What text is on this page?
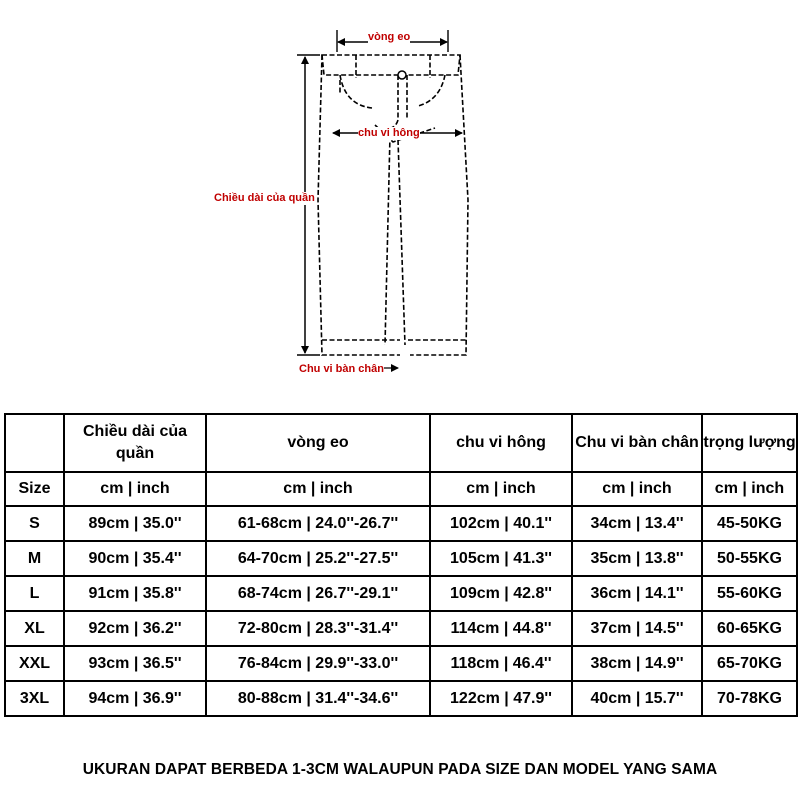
vòng eo
chu vi hông
Chiều dài của quần
Chu vi bàn chân
	Chiều dài của quần	vòng eo	chu vi hông	Chu vi bàn chân	trọng lượng
Size	cm | inch	cm | inch	cm | inch	cm | inch	cm | inch
S	89cm | 35.0''	61-68cm | 24.0''-26.7''	102cm | 40.1''	34cm | 13.4''	45-50KG
M	90cm | 35.4''	64-70cm | 25.2''-27.5''	105cm | 41.3''	35cm | 13.8''	50-55KG
L	91cm | 35.8''	68-74cm | 26.7''-29.1''	109cm | 42.8''	36cm | 14.1''	55-60KG
XL	92cm | 36.2''	72-80cm | 28.3''-31.4''	114cm | 44.8''	37cm | 14.5''	60-65KG
XXL	93cm | 36.5''	76-84cm | 29.9''-33.0''	118cm | 46.4''	38cm | 14.9''	65-70KG
3XL	94cm | 36.9''	80-88cm | 31.4''-34.6''	122cm | 47.9''	40cm | 15.7''	70-78KG
UKURAN DAPAT BERBEDA 1-3CM WALAUPUN PADA SIZE DAN MODEL YANG SAMA
